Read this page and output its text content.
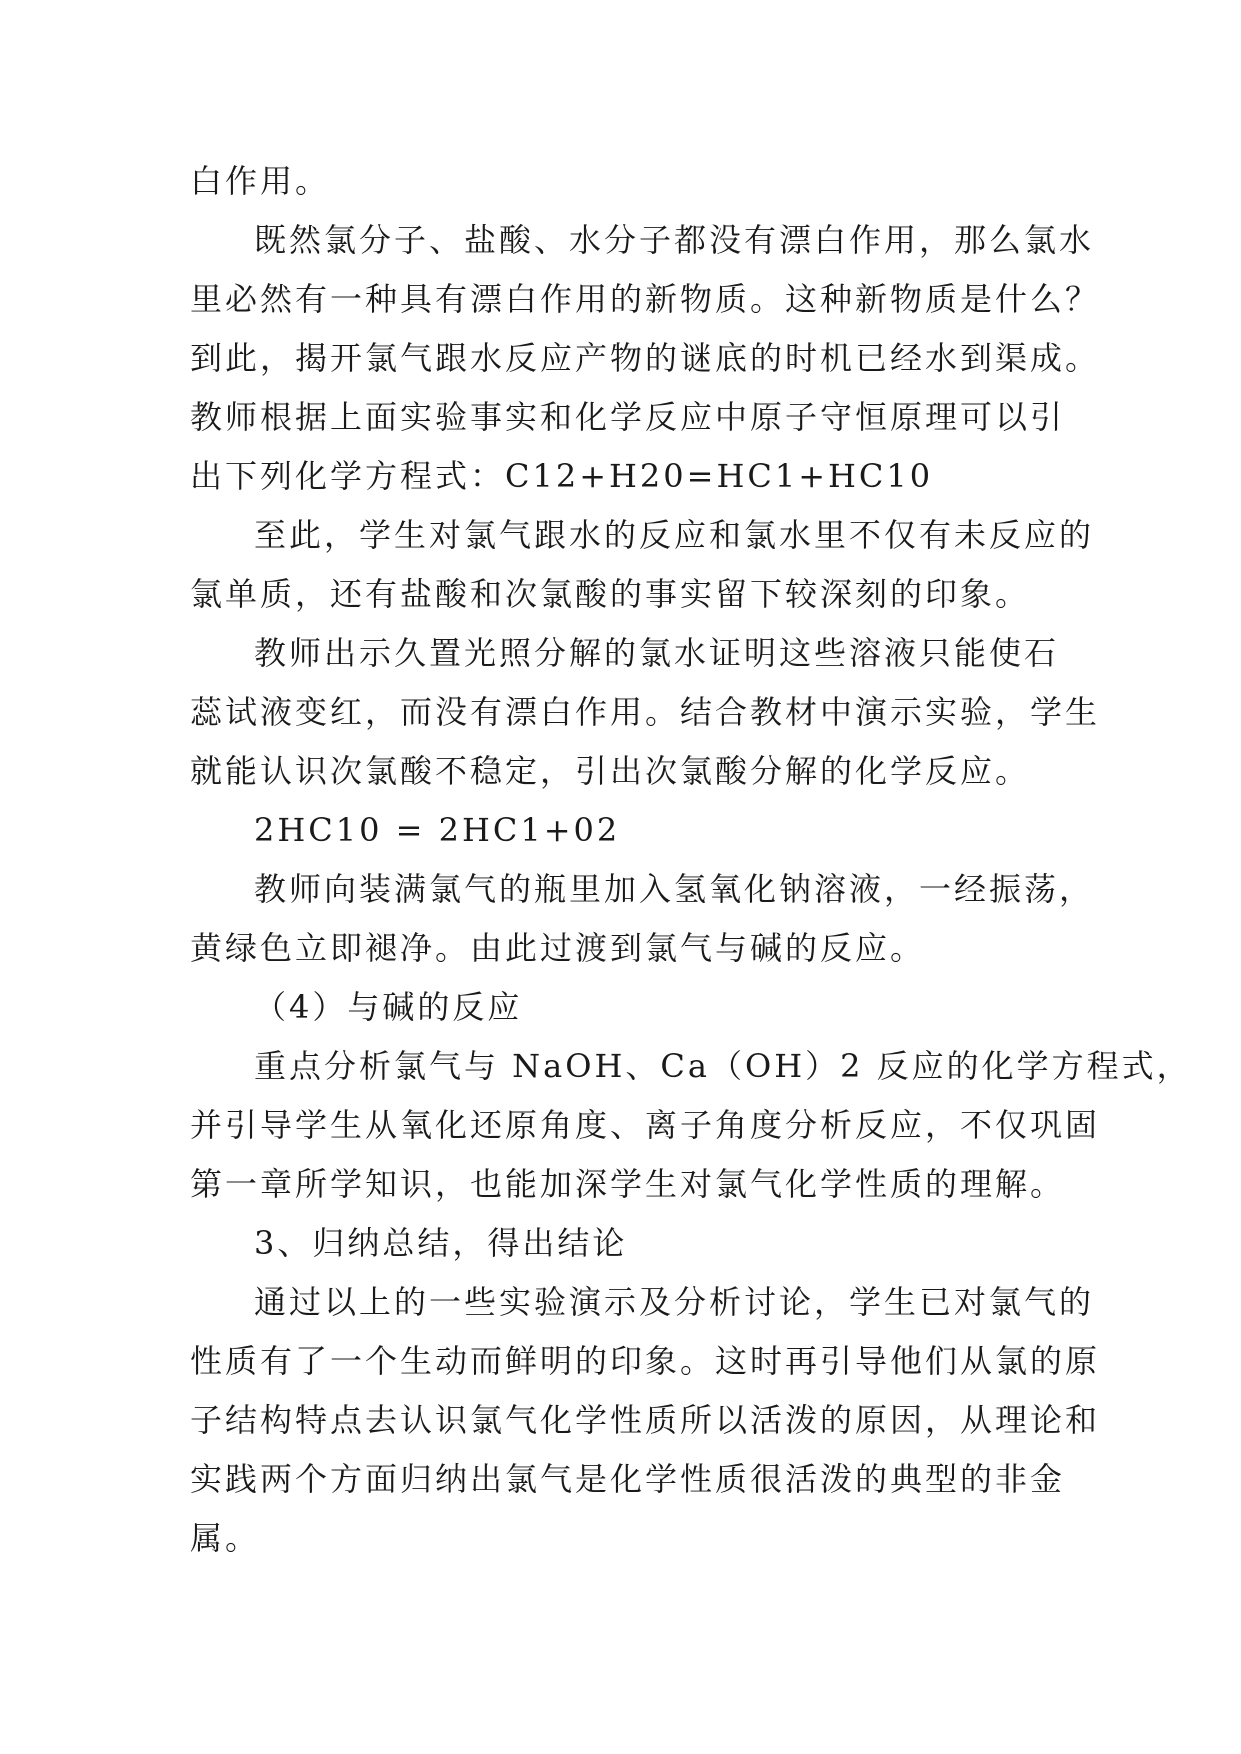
白作用。
既然氯分子、盐酸、水分子都没有漂白作用，那么氯水
里必然有一种具有漂白作用的新物质。这种新物质是什么？
到此，揭开氯气跟水反应产物的谜底的时机已经水到渠成。
教师根据上面实验事实和化学反应中原子守恒原理可以引
出下列化学方程式：C12+H20=HC1+HC10
至此，学生对氯气跟水的反应和氯水里不仅有未反应的
氯单质，还有盐酸和次氯酸的事实留下较深刻的印象。
教师出示久置光照分解的氯水证明这些溶液只能使石
蕊试液变红，而没有漂白作用。结合教材中演示实验，学生
就能认识次氯酸不稳定，引出次氯酸分解的化学反应。
2HC10 = 2HC1+02
教师向装满氯气的瓶里加入氢氧化钠溶液，一经振荡，
黄绿色立即褪净。由此过渡到氯气与碱的反应。
（4）与碱的反应
重点分析氯气与 NaOH、Ca（OH）2 反应的化学方程式，
并引导学生从氧化还原角度、离子角度分析反应，不仅巩固
第一章所学知识，也能加深学生对氯气化学性质的理解。
3、归纳总结，得出结论
通过以上的一些实验演示及分析讨论，学生已对氯气的
性质有了一个生动而鲜明的印象。这时再引导他们从氯的原
子结构特点去认识氯气化学性质所以活泼的原因，从理论和
实践两个方面归纳出氯气是化学性质很活泼的典型的非金
属。
